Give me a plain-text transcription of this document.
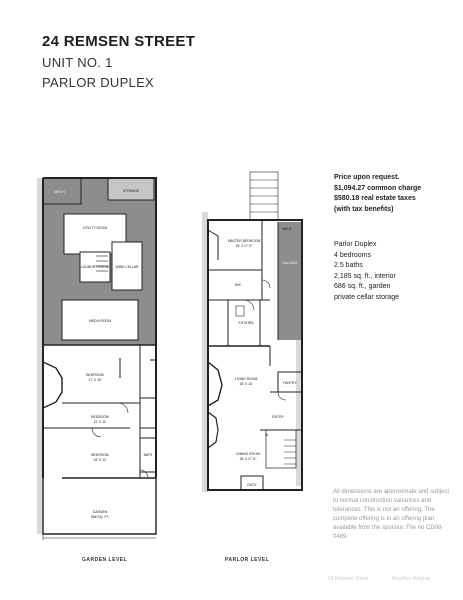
24 REMSEN STREET
UNIT NO. 1
PARLOR DUPLEX
Price upon request.
$1,094.27 common charge
$580.18 real estate taxes
(with tax benefits)
Parlor Duplex
4 bedrooms
2.5 baths
2,185 sq. ft., interior
686 sq. ft., garden
private cellar storage
All dimensions are approximate and subject to normal construction variances and tolerances. This is not an offering. The complete offering is in an offering plan available from the sponsor. File no CD08-0489.
STORAGE
MECH.
UTILITY ROOM
LAUNDRY ROOM WINE CELLAR
MEDIA ROOM
BEDROOM
17' X 15'
BEDROOM
12' X 11'
BEDROOM
18' X 12'
BATH
GARDEN
686 SQ. FT.
MASTER BEDROOM
18' X 17' 6"
BATH
WIC
HALLWAY
KITCHEN
LIVING ROOM
18' X 16'
DINING ROOM
18' X 17' 6"
PANTRY
ENTRY
CL
DECK
GARDEN LEVEL	PARLOR LEVEL
24 Remsen Street	Brooklyn Heights
